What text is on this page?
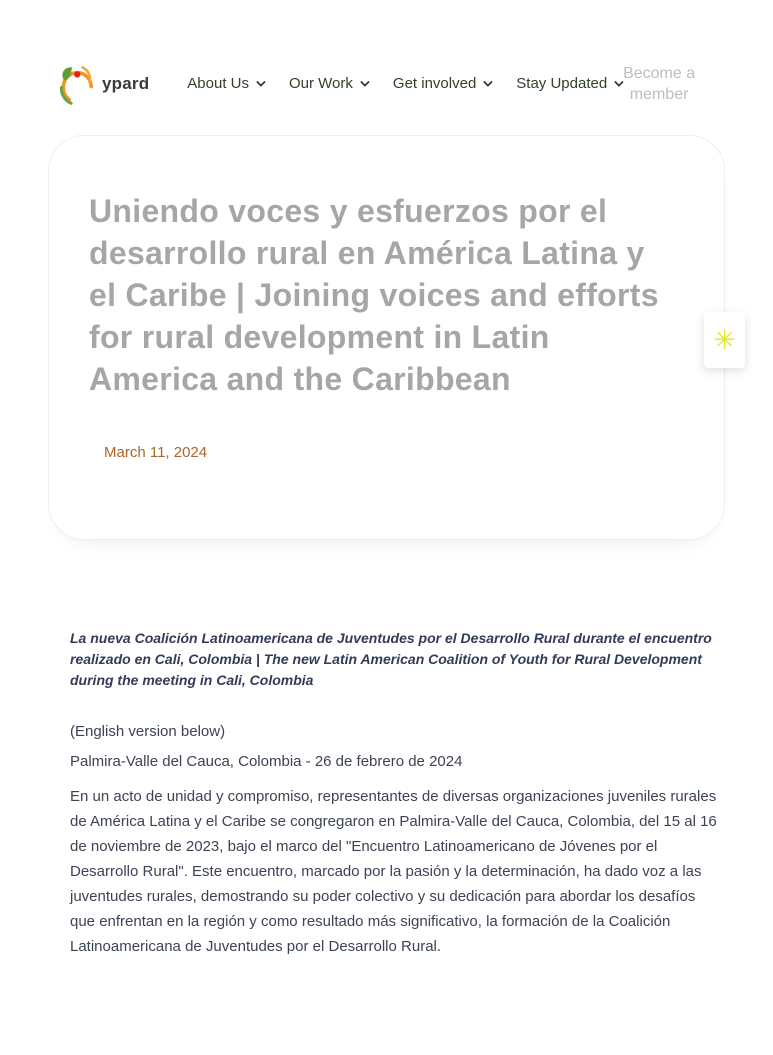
ypard	About Us	Our Work	Get involved	Stay Updated
Become a member
Uniendo voces y esfuerzos por el
desarrollo rural en América Latina y
el Caribe | Joining voices and efforts
for rural development in Latin
America and the Caribbean
March 11, 2024
✳

La nueva Coalición Latinoamericana de Juventudes por el Desarrollo Rural durante el encuentro realizado en Cali, Colombia | The new Latin American Coalition of Youth for Rural Development during the meeting in Cali, Colombia

(English version below)

Palmira-Valle del Cauca, Colombia - 26 de febrero de 2024

En un acto de unidad y compromiso, representantes de diversas organizaciones juveniles rurales de América Latina y el Caribe se congregaron en Palmira-Valle del Cauca, Colombia, del 15 al 16 de noviembre de 2023, bajo el marco del "Encuentro Latinoamericano de Jóvenes por el Desarrollo Rural". Este encuentro, marcado por la pasión y la determinación, ha dado voz a las juventudes rurales, demostrando su poder colectivo y su dedicación para abordar los desafíos que enfrentan en la región y como resultado más significativo, la formación de la Coalición Latinoamericana de Juventudes por el Desarrollo Rural.
